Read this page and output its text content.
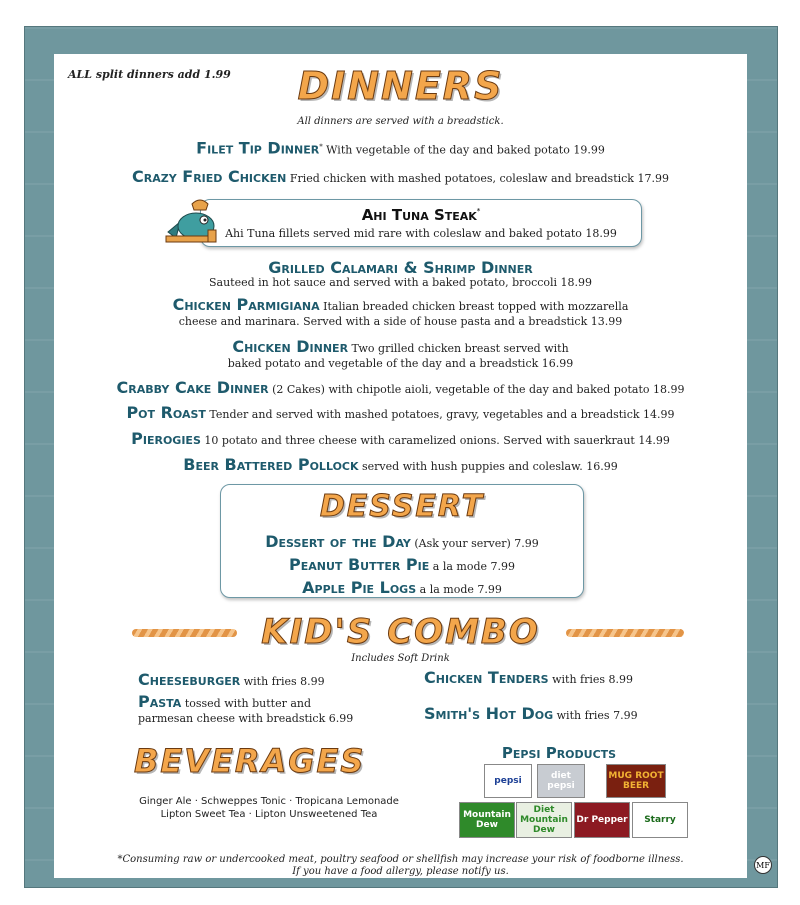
ALL split dinners add 1.99	DINNERS
All dinners are served with a breadstick.
Filet Tip Dinner* With vegetable of the day and baked potato 19.99
Crazy Fried Chicken Fried chicken with mashed potatoes, coleslaw and breadstick 17.99
Ahi Tuna Steak*
Ahi Tuna fillets served mid rare with coleslaw and baked potato 18.99
Grilled Calamari & Shrimp Dinner
Sauteed in hot sauce and served with a baked potato, broccoli 18.99
Chicken Parmigiana Italian breaded chicken breast topped with mozzarella
cheese and marinara. Served with a side of house pasta and a breadstick 13.99
Chicken Dinner Two grilled chicken breast served with
baked potato and vegetable of the day and a breadstick 16.99
Crabby Cake Dinner (2 Cakes) with chipotle aioli, vegetable of the day and baked potato 18.99
Pot Roast Tender and served with mashed potatoes, gravy, vegetables and a breadstick 14.99
Pierogies 10 potato and three cheese with caramelized onions. Served with sauerkraut 14.99
Beer Battered Pollock served with hush puppies and coleslaw. 16.99
DESSERT
Dessert of the Day (Ask your server) 7.99
Peanut Butter Pie a la mode 7.99
Apple Pie Logs a la mode 7.99
KID'S COMBO
Includes Soft Drink
Cheeseburger with fries 8.99	Chicken Tenders with fries 8.99
Pasta tossed with butter and
parmesan cheese with breadstick 6.99	Smith's Hot Dog with fries 7.99
BEVERAGES
Ginger Ale · Schweppes Tonic · Tropicana Lemonade
Lipton Sweet Tea · Lipton Unsweetened Tea
Pepsi Products
pepsi	diet pepsi
MUG ROOT BEER
Mountain Dew
Diet Mountain Dew
Dr Pepper	Starry
*Consuming raw or undercooked meat, poultry seafood or shellfish may increase your risk of foodborne illness.
If you have a food allergy, please notify us.
MF
